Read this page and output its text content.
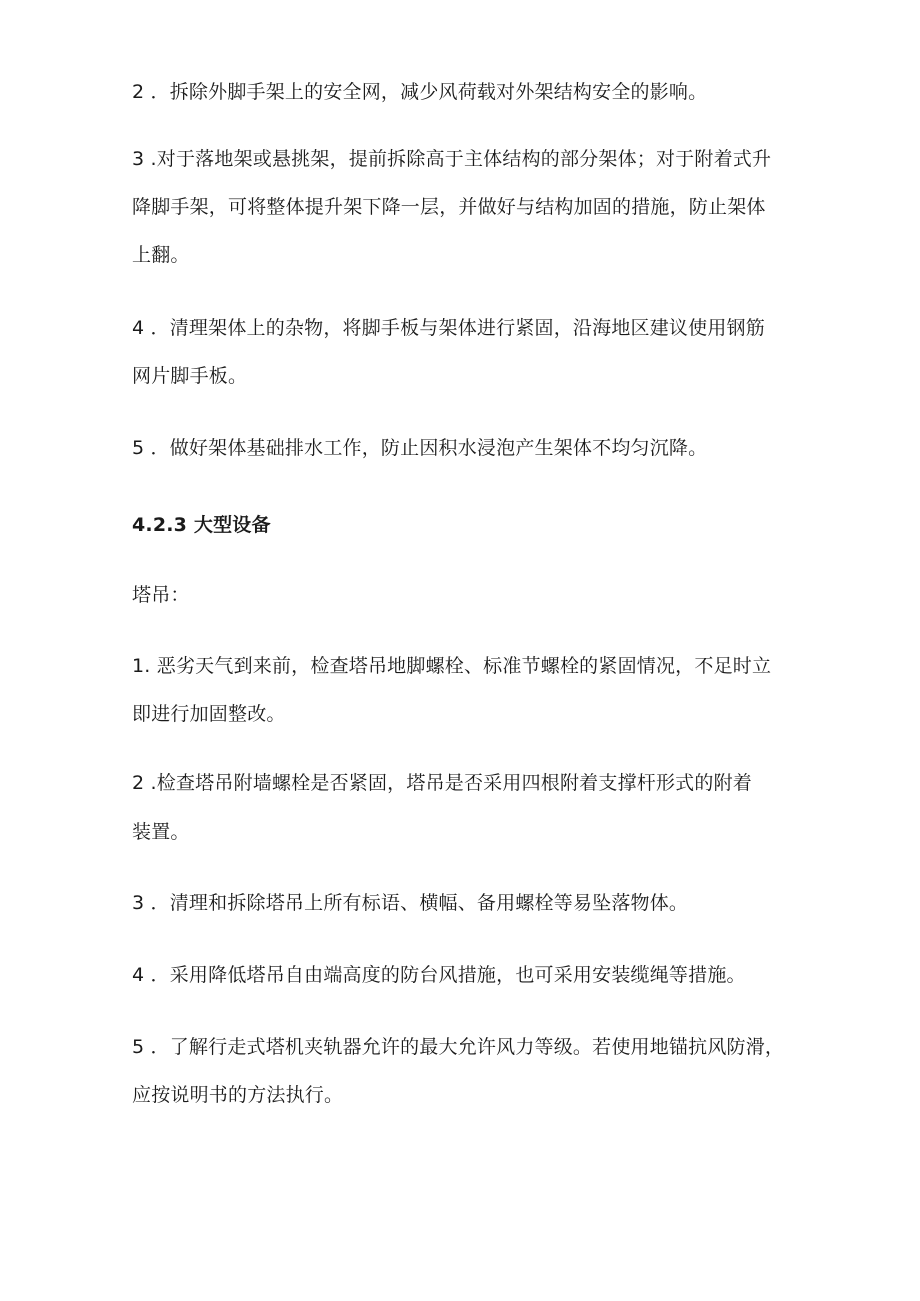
2 ．拆除外脚手架上的安全网，减少风荷载对外架结构安全的影响。
3 .对于落地架或悬挑架，提前拆除高于主体结构的部分架体；对于附着式升
降脚手架，可将整体提升架下降一层，并做好与结构加固的措施，防止架体
上翻。
4 ．清理架体上的杂物，将脚手板与架体进行紧固，沿海地区建议使用钢筋
网片脚手板。
5 ．做好架体基础排水工作，防止因积水浸泡产生架体不均匀沉降。
4.2.3 大型设备
塔吊：
1. 恶劣天气到来前，检查塔吊地脚螺栓、标准节螺栓的紧固情况，不足时立
即进行加固整改。
2 .检查塔吊附墙螺栓是否紧固，塔吊是否采用四根附着支撑杆形式的附着
装置。
3 ．清理和拆除塔吊上所有标语、横幅、备用螺栓等易坠落物体。
4 ．采用降低塔吊自由端高度的防台风措施，也可采用安装缆绳等措施。
5 ．了解行走式塔机夹轨器允许的最大允许风力等级。若使用地锚抗风防滑，
应按说明书的方法执行。
